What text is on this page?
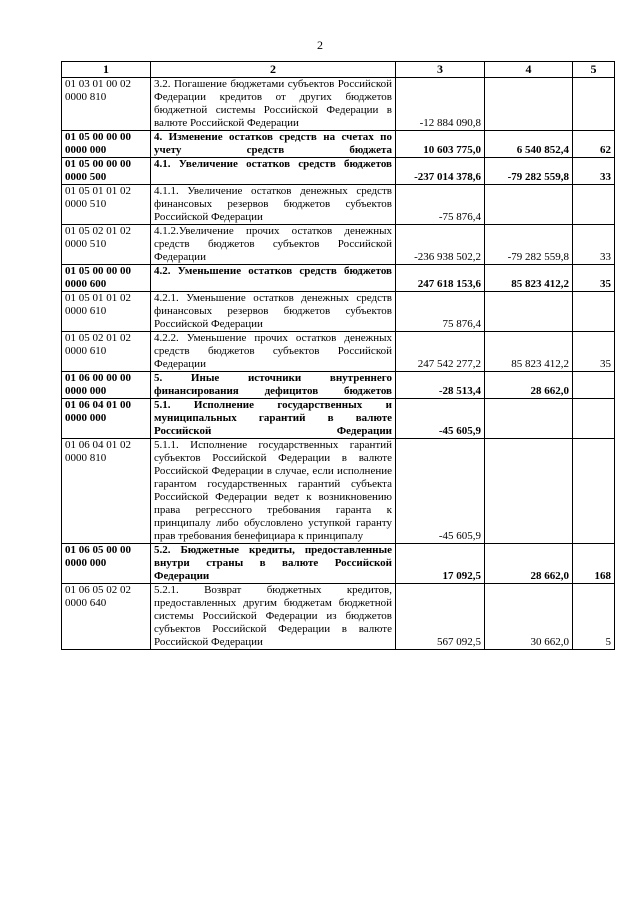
2
1	2	3	4	5
01 03 01 00 02 0000 810	3.2. Погашение бюджетами субъектов Российской Федерации кредитов от других бюджетов бюджетной системы Российской Федерации в валюте Российской Федерации	-12 884 090,8		
01 05 00 00 00 0000 000	4. Изменение остатков средств на счетах по учету средств бюджета	10 603 775,0	6 540 852,4	62
01 05 00 00 00 0000 500	4.1. Увеличение остатков средств бюджетов	-237 014 378,6	-79 282 559,8	33
01 05 01 01 02 0000 510	4.1.1. Увеличение остатков денежных средств финансовых резервов бюджетов субъектов Российской Федерации	-75 876,4		
01 05 02 01 02 0000 510	4.1.2.Увеличение прочих остатков денежных средств бюджетов субъектов Российской Федерации	-236 938 502,2	-79 282 559,8	33
01 05 00 00 00 0000 600	4.2. Уменьшение остатков средств бюджетов	247 618 153,6	85 823 412,2	35
01 05 01 01 02 0000 610	4.2.1. Уменьшение остатков денежных средств финансовых резервов бюджетов субъектов Российской Федерации	75 876,4		
01 05 02 01 02 0000 610	4.2.2. Уменьшение прочих остатков денежных средств бюджетов субъектов Российской Федерации	247 542 277,2	85 823 412,2	35
01 06 00 00 00 0000 000	5. Иные источники внутреннего финансирования дефицитов бюджетов	-28 513,4	28 662,0	
01 06 04 01 00 0000 000	5.1. Исполнение государственных и муниципальных гарантий в валюте Российской Федерации	-45 605,9		
01 06 04 01 02 0000 810	5.1.1. Исполнение государственных гарантий субъектов Российской Федерации в валюте Российской Федерации в случае, если исполнение гарантом государственных гарантий субъекта Российской Федерации ведет к возникновению права регрессного требования гаранта к принципалу либо обусловлено уступкой гаранту прав требования бенефициара к принципалу	-45 605,9		
01 06 05 00 00 0000 000	5.2. Бюджетные кредиты, предоставленные внутри страны в валюте Российской Федерации	17 092,5	28 662,0	168
01 06 05 02 02 0000 640	5.2.1. Возврат бюджетных кредитов, предоставленных другим бюджетам бюджетной системы Российской Федерации из бюджетов субъектов Российской Федерации в валюте Российской Федерации	567 092,5	30 662,0	5
